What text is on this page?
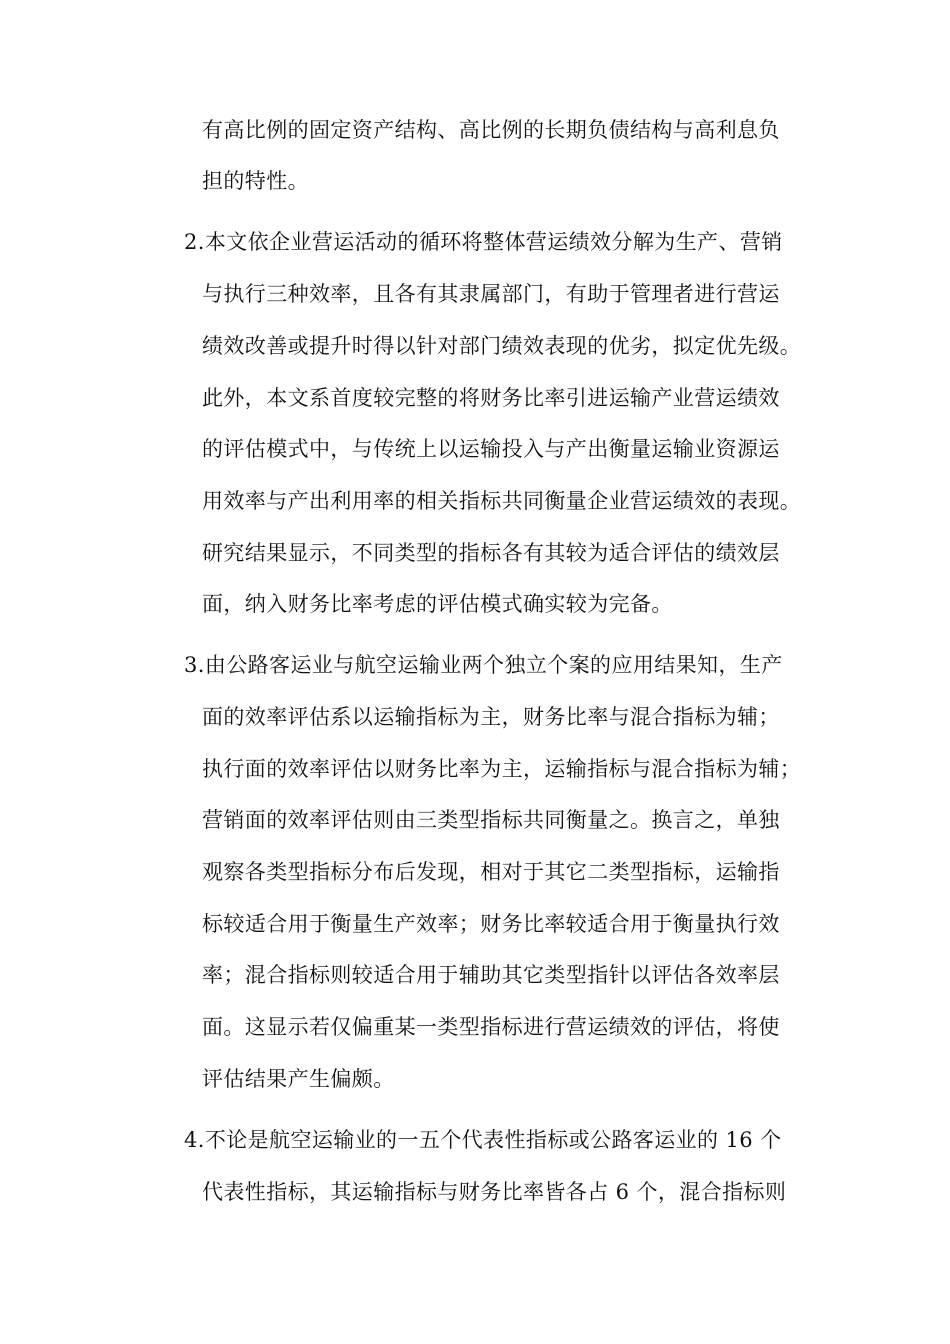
有高比例的固定资产结构、高比例的长期负债结构与高利息负
担的特性。
2.本文依企业营运活动的循环将整体营运绩效分解为生产、营销
与执行三种效率，且各有其隶属部门，有助于管理者进行营运
绩效改善或提升时得以针对部门绩效表现的优劣，拟定优先级。
此外，本文系首度较完整的将财务比率引进运输产业营运绩效
的评估模式中，与传统上以运输投入与产出衡量运输业资源运
用效率与产出利用率的相关指标共同衡量企业营运绩效的表现。
研究结果显示，不同类型的指标各有其较为适合评估的绩效层
面，纳入财务比率考虑的评估模式确实较为完备。
3.由公路客运业与航空运输业两个独立个案的应用结果知，生产
面的效率评估系以运输指标为主，财务比率与混合指标为辅；
执行面的效率评估以财务比率为主，运输指标与混合指标为辅；
营销面的效率评估则由三类型指标共同衡量之。换言之，单独
观察各类型指标分布后发现，相对于其它二类型指标，运输指
标较适合用于衡量生产效率；财务比率较适合用于衡量执行效
率；混合指标则较适合用于辅助其它类型指针以评估各效率层
面。这显示若仅偏重某一类型指标进行营运绩效的评估，将使
评估结果产生偏颇。
4.不论是航空运输业的一五个代表性指标或公路客运业的 16 个
代表性指标，其运输指标与财务比率皆各占 6 个，混合指标则
